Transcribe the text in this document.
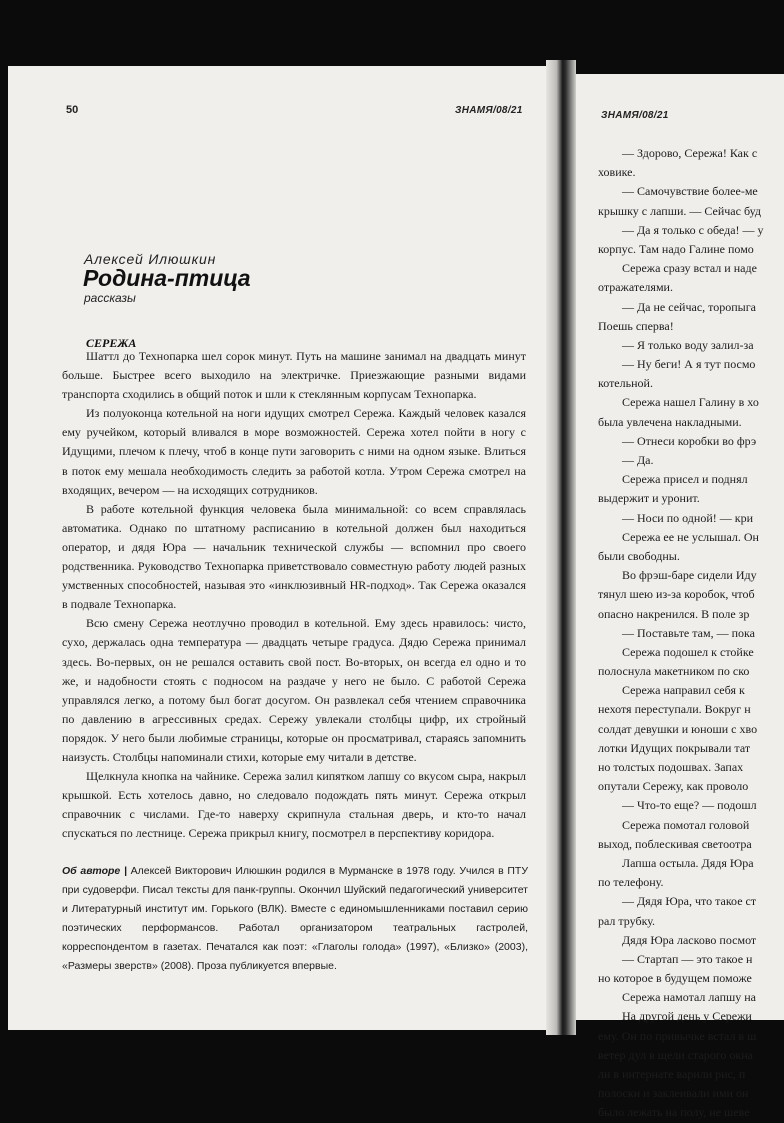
50	ЗНАМЯ/08/21	ЗНАМЯ/08/21
Алексей Илюшкин
Родина-птица
рассказы
СЕРЕЖА

Шаттл до Технопарка шел сорок минут. Путь на машине занимал на двадцать минут больше. Быстрее всего выходило на электричке. Приезжающие разными видами транспорта сходились в общий поток и шли к стеклянным корпусам Технопарка.

Из полуоконца котельной на ноги идущих смотрел Сережа. Каждый человек казался ему ручейком, который вливался в море возможностей. Сережа хотел пойти в ногу с Идущими, плечом к плечу, чтоб в конце пути заговорить с ними на одном языке. Влиться в поток ему мешала необходимость следить за работой котла. Утром Сережа смотрел на входящих, вечером — на исходящих сотрудников.

В работе котельной функция человека была минимальной: со всем справлялась автоматика. Однако по штатному расписанию в котельной должен был находиться оператор, и дядя Юра — начальник технической службы — вспомнил про своего родственника. Руководство Технопарка приветствовало совместную работу людей разных умственных способностей, называя это «инклюзивный HR-подход». Так Сережа оказался в подвале Технопарка.

Всю смену Сережа неотлучно проводил в котельной. Ему здесь нравилось: чисто, сухо, держалась одна температура — двадцать четыре градуса. Дядю Сережа принимал здесь. Во-первых, он не решался оставить свой пост. Во-вторых, он всегда ел одно и то же, и надобности стоять с подносом на раздаче у него не было. С работой Сережа управлялся легко, а потому был богат досугом. Он развлекал себя чтением справочника по давлению в агрессивных средах. Сережу увлекали столбцы цифр, их стройный порядок. У него были любимые страницы, которые он просматривал, стараясь запомнить наизусть. Столбцы напоминали стихи, которые ему читали в детстве.

Щелкнула кнопка на чайнике. Сережа залил кипятком лапшу со вкусом сыра, накрыл крышкой. Есть хотелось давно, но следовало подождать пять минут. Сережа открыл справочник с числами. Где-то наверху скрипнула стальная дверь, и кто-то начал спускаться по лестнице. Сережа прикрыл книгу, посмотрел в перспективу коридора.

Об авторе | Алексей Викторович Илюшкин родился в Мурманске в 1978 году. Учился в ПТУ при судоверфи. Писал тексты для панк-группы. Окончил Шуйский педагогический университет и Литературный институт им. Горького (ВЛК). Вместе с единомышленниками поставил серию поэтических перформансов. Работал организатором театральных гастролей, корреспондентом в газетах. Печатался как поэт: «Глаголы голода» (1997), «Близко» (2003), «Размеры зверств» (2008). Проза публикуется впервые.
— Здорово, Сережа! Как с
ховике.
— Самочувствие более-ме
крышку с лапши. — Сейчас буд
— Да я только с обеда! — у
корпус. Там надо Галине помо
Сережа сразу встал и наде
отражателями.
— Да не сейчас, торопыга
Поешь сперва!
— Я только воду залил-за
— Ну беги! А я тут посмо
котельной.
Сережа нашел Галину в хо
была увлечена накладными.
— Отнеси коробки во фрэ
— Да.
Сережа присел и поднял
выдержит и уронит.
— Носи по одной! — кри
Сережа ее не услышал. Он
были свободны.
Во фрэш-баре сидели Иду
тянул шею из-за коробок, чтоб
опасно накренился. В поле зр
— Поставьте там, — пока
Сережа подошел к стойке
полоснула макетником по ско
Сережа направил себя к
нехотя переступали. Вокруг н
солдат девушки и юноши с хво
лотки Идущих покрывали тат
но толстых подошвах. Запах
опутали Сережу, как проволо
— Что-то еще? — подошл
Сережа помотал головой
выход, поблескивая светоотра
Лапша остыла. Дядя Юра
по телефону.
— Дядя Юра, что такое ст
рал трубку.
Дядя Юра ласково посмот
— Стартап — это такое н
но которое в будущем поможе
Сережа намотал лапшу на
На другой день у Сережи
ему. Он по привычке встал в ш
ветер дул в щели старого окна
ли в интернате варили рис, п
полоски и заклеивали ими он
было лежать на полу, не шеве
